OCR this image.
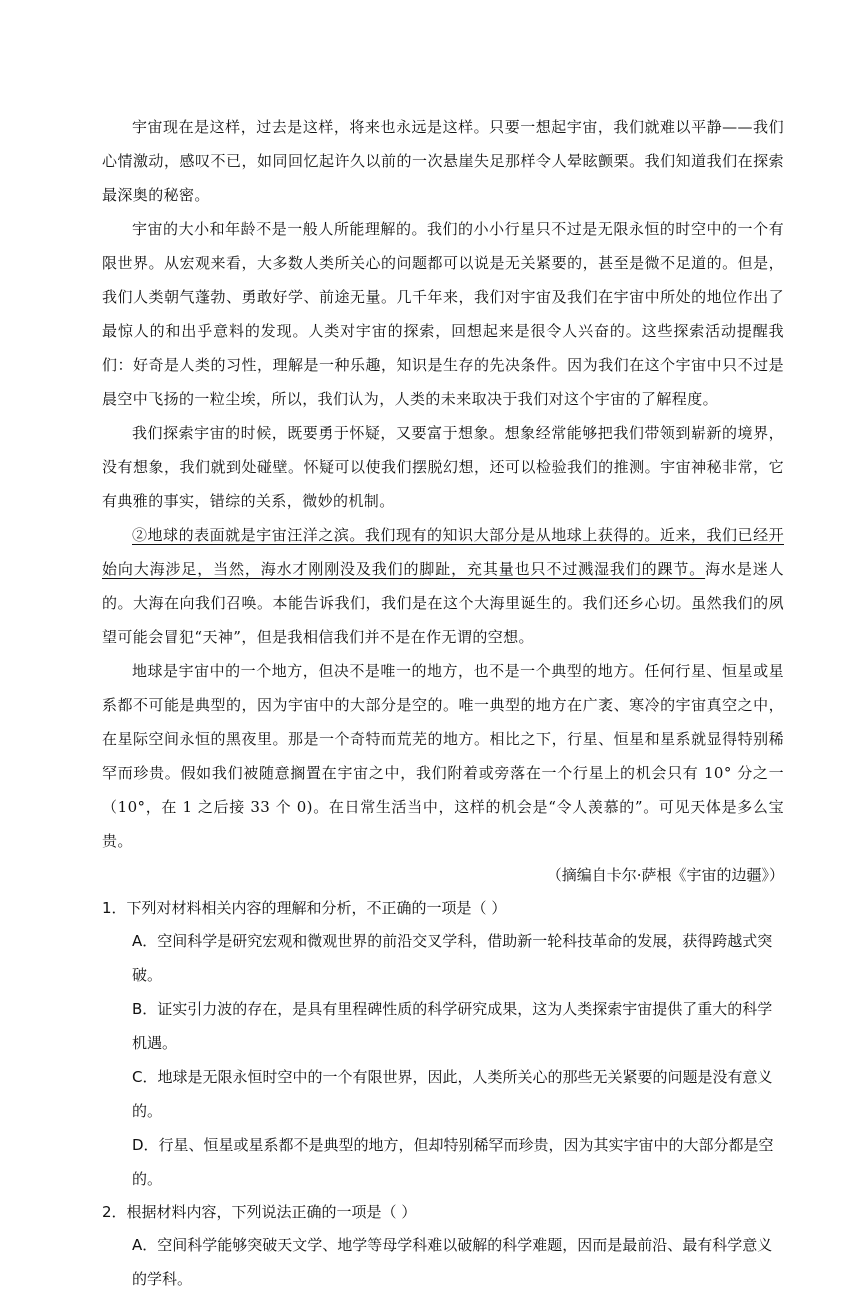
宇宙现在是这样，过去是这样，将来也永远是这样。只要一想起宇宙，我们就难以平静——我们心情激动，感叹不已，如同回忆起许久以前的一次悬崖失足那样令人晕眩颤栗。我们知道我们在探索最深奥的秘密。

宇宙的大小和年龄不是一般人所能理解的。我们的小小行星只不过是无限永恒的时空中的一个有限世界。从宏观来看，大多数人类所关心的问题都可以说是无关紧要的，甚至是微不足道的。但是，我们人类朝气蓬勃、勇敢好学、前途无量。几千年来，我们对宇宙及我们在宇宙中所处的地位作出了最惊人的和出乎意料的发现。人类对宇宙的探索，回想起来是很令人兴奋的。这些探索活动提醒我们：好奇是人类的习性，理解是一种乐趣，知识是生存的先决条件。因为我们在这个宇宙中只不过是晨空中飞扬的一粒尘埃，所以，我们认为，人类的未来取决于我们对这个宇宙的了解程度。

我们探索宇宙的时候，既要勇于怀疑，又要富于想象。想象经常能够把我们带领到崭新的境界，没有想象，我们就到处碰壁。怀疑可以使我们摆脱幻想，还可以检验我们的推测。宇宙神秘非常，它有典雅的事实，错综的关系，微妙的机制。

②地球的表面就是宇宙汪洋之滨。我们现有的知识大部分是从地球上获得的。近来，我们已经开始向大海涉足，当然，海水才刚刚没及我们的脚趾，充其量也只不过溅湿我们的踝节。海水是迷人的。大海在向我们召唤。本能告诉我们，我们是在这个大海里诞生的。我们还乡心切。虽然我们的夙望可能会冒犯“天神”，但是我相信我们并不是在作无谓的空想。

地球是宇宙中的一个地方，但决不是唯一的地方，也不是一个典型的地方。任何行星、恒星或星系都不可能是典型的，因为宇宙中的大部分是空的。唯一典型的地方在广袤、寒冷的宇宙真空之中，在星际空间永恒的黑夜里。那是一个奇特而荒芜的地方。相比之下，行星、恒星和星系就显得特别稀罕而珍贵。假如我们被随意搁置在宇宙之中，我们附着或旁落在一个行星上的机会只有 10° 分之一（10°，在 1 之后接 33 个 0)。在日常生活当中，这样的机会是“令人羡慕的”。可见天体是多么宝贵。

（摘编自卡尔·萨根《宇宙的边疆》）

1．下列对材料相关内容的理解和分析，不正确的一项是（ ）

A．空间科学是研究宏观和微观世界的前沿交叉学科，借助新一轮科技革命的发展，获得跨越式突破。

B．证实引力波的存在，是具有里程碑性质的科学研究成果，这为人类探索宇宙提供了重大的科学机遇。

C．地球是无限永恒时空中的一个有限世界，因此，人类所关心的那些无关紧要的问题是没有意义的。

D．行星、恒星或星系都不是典型的地方，但却特别稀罕而珍贵，因为其实宇宙中的大部分都是空的。

2．根据材料内容，下列说法正确的一项是（ ）

A．空间科学能够突破天文学、地学等母学科难以破解的科学难题，因而是最前沿、最有科学意义的学科。
